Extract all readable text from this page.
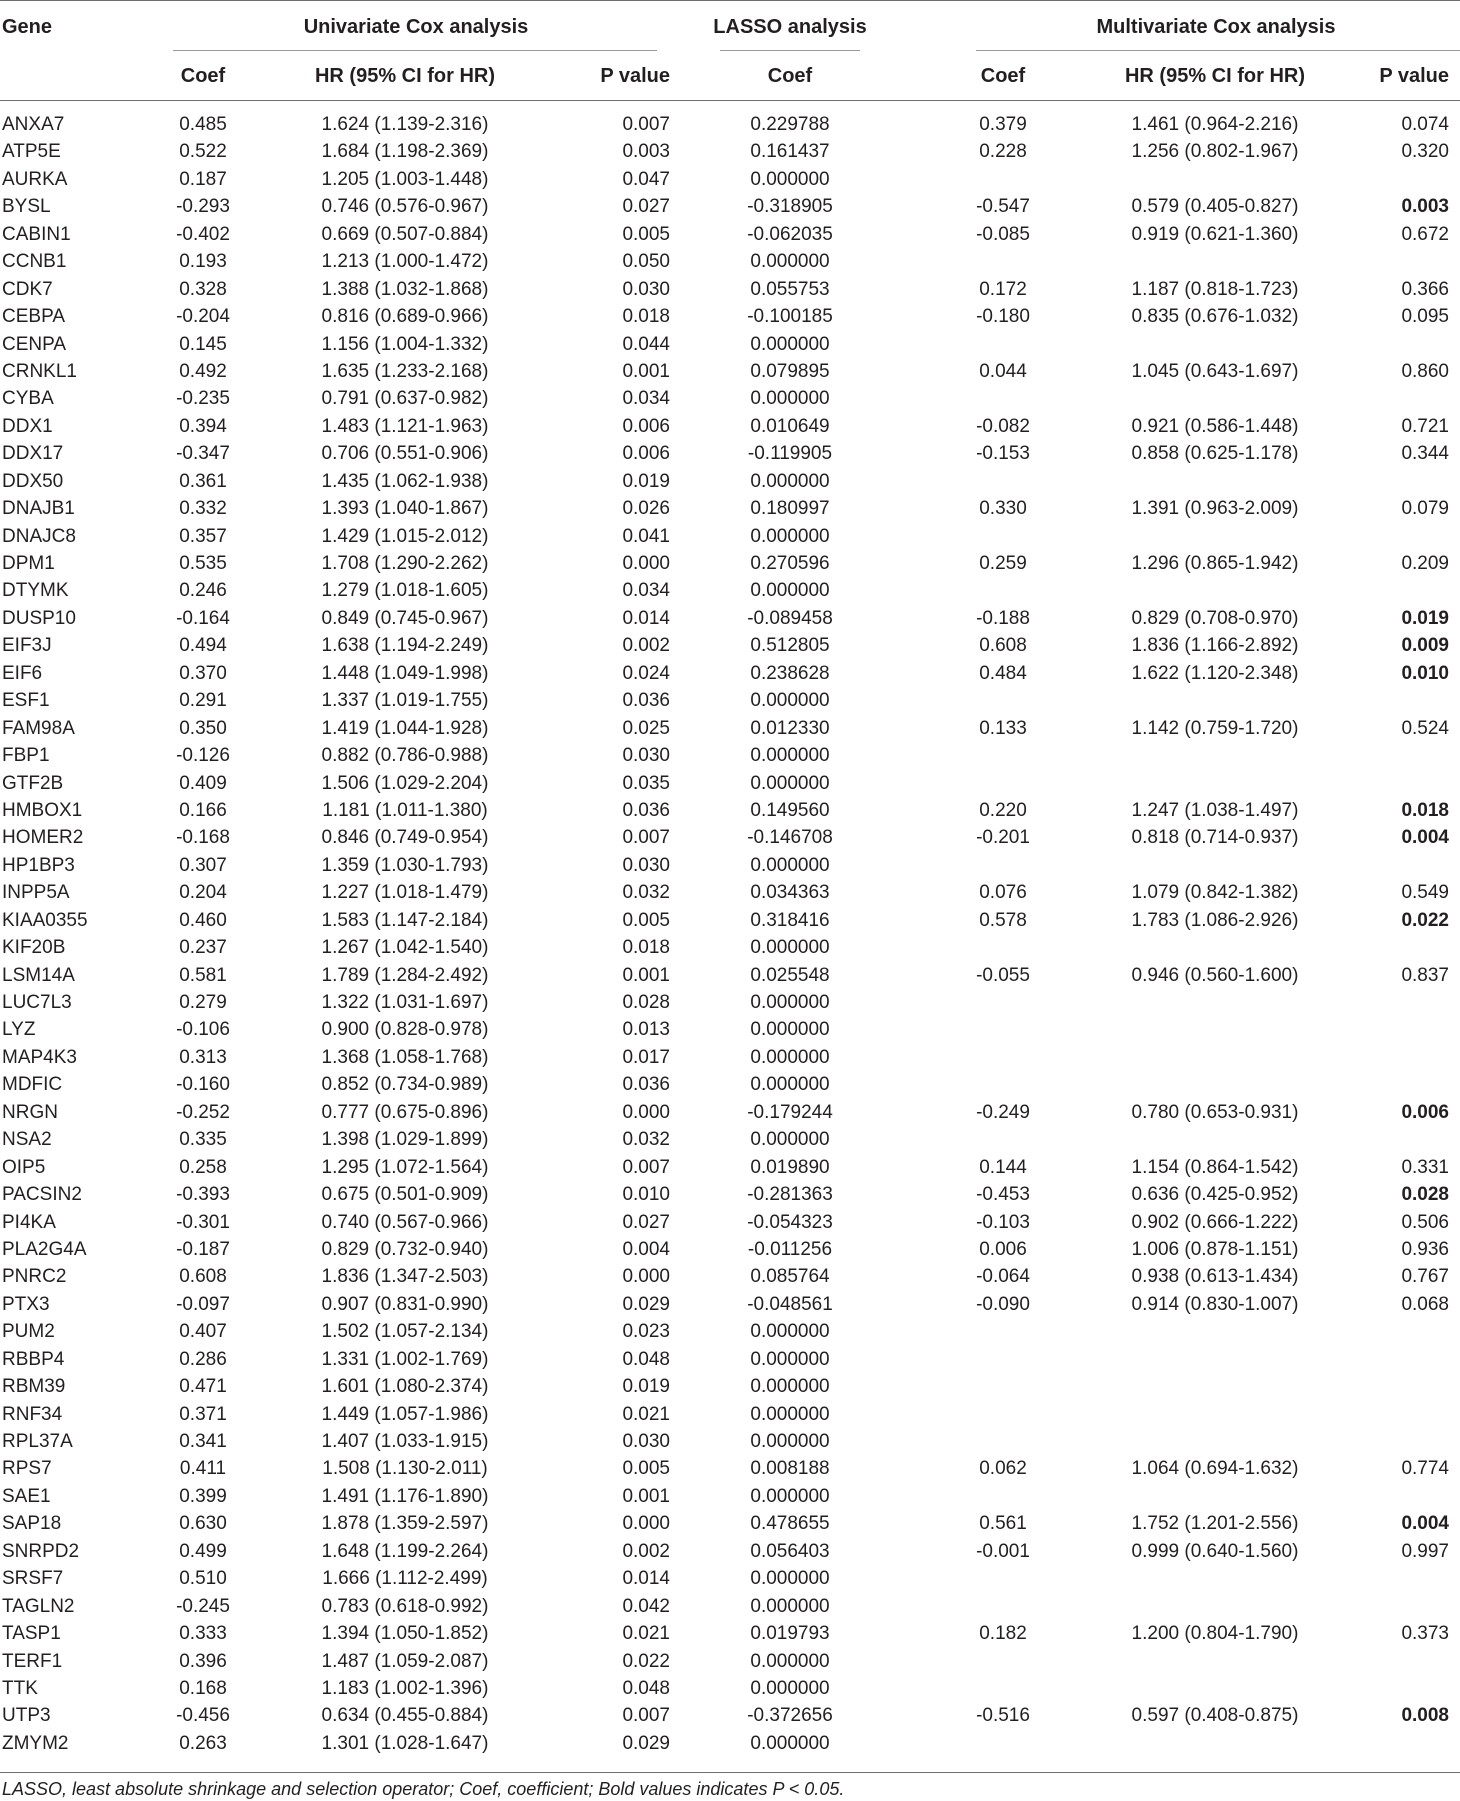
Gene	Univariate Cox analysis	LASSO analysis	Multivariate Cox analysis
Coef	HR (95% CI for HR)	P value	Coef	Coef	HR (95% CI for HR)	P value
ANXA7	0.485	1.624 (1.139-2.316)	0.007	0.229788	0.379	1.461 (0.964-2.216)	0.074
ATP5E	0.522	1.684 (1.198-2.369)	0.003	0.161437	0.228	1.256 (0.802-1.967)	0.320
AURKA	0.187	1.205 (1.003-1.448)	0.047	0.000000
BYSL	-0.293	0.746 (0.576-0.967)	0.027	-0.318905	-0.547	0.579 (0.405-0.827)	0.003
CABIN1	-0.402	0.669 (0.507-0.884)	0.005	-0.062035	-0.085	0.919 (0.621-1.360)	0.672
CCNB1	0.193	1.213 (1.000-1.472)	0.050	0.000000
CDK7	0.328	1.388 (1.032-1.868)	0.030	0.055753	0.172	1.187 (0.818-1.723)	0.366
CEBPA	-0.204	0.816 (0.689-0.966)	0.018	-0.100185	-0.180	0.835 (0.676-1.032)	0.095
CENPA	0.145	1.156 (1.004-1.332)	0.044	0.000000
CRNKL1	0.492	1.635 (1.233-2.168)	0.001	0.079895	0.044	1.045 (0.643-1.697)	0.860
CYBA	-0.235	0.791 (0.637-0.982)	0.034	0.000000
DDX1	0.394	1.483 (1.121-1.963)	0.006	0.010649	-0.082	0.921 (0.586-1.448)	0.721
DDX17	-0.347	0.706 (0.551-0.906)	0.006	-0.119905	-0.153	0.858 (0.625-1.178)	0.344
DDX50	0.361	1.435 (1.062-1.938)	0.019	0.000000
DNAJB1	0.332	1.393 (1.040-1.867)	0.026	0.180997	0.330	1.391 (0.963-2.009)	0.079
DNAJC8	0.357	1.429 (1.015-2.012)	0.041	0.000000
DPM1	0.535	1.708 (1.290-2.262)	0.000	0.270596	0.259	1.296 (0.865-1.942)	0.209
DTYMK	0.246	1.279 (1.018-1.605)	0.034	0.000000
DUSP10	-0.164	0.849 (0.745-0.967)	0.014	-0.089458	-0.188	0.829 (0.708-0.970)	0.019
EIF3J	0.494	1.638 (1.194-2.249)	0.002	0.512805	0.608	1.836 (1.166-2.892)	0.009
EIF6	0.370	1.448 (1.049-1.998)	0.024	0.238628	0.484	1.622 (1.120-2.348)	0.010
ESF1	0.291	1.337 (1.019-1.755)	0.036	0.000000
FAM98A	0.350	1.419 (1.044-1.928)	0.025	0.012330	0.133	1.142 (0.759-1.720)	0.524
FBP1	-0.126	0.882 (0.786-0.988)	0.030	0.000000
GTF2B	0.409	1.506 (1.029-2.204)	0.035	0.000000
HMBOX1	0.166	1.181 (1.011-1.380)	0.036	0.149560	0.220	1.247 (1.038-1.497)	0.018
HOMER2	-0.168	0.846 (0.749-0.954)	0.007	-0.146708	-0.201	0.818 (0.714-0.937)	0.004
HP1BP3	0.307	1.359 (1.030-1.793)	0.030	0.000000
INPP5A	0.204	1.227 (1.018-1.479)	0.032	0.034363	0.076	1.079 (0.842-1.382)	0.549
KIAA0355	0.460	1.583 (1.147-2.184)	0.005	0.318416	0.578	1.783 (1.086-2.926)	0.022
KIF20B	0.237	1.267 (1.042-1.540)	0.018	0.000000
LSM14A	0.581	1.789 (1.284-2.492)	0.001	0.025548	-0.055	0.946 (0.560-1.600)	0.837
LUC7L3	0.279	1.322 (1.031-1.697)	0.028	0.000000
LYZ	-0.106	0.900 (0.828-0.978)	0.013	0.000000
MAP4K3	0.313	1.368 (1.058-1.768)	0.017	0.000000
MDFIC	-0.160	0.852 (0.734-0.989)	0.036	0.000000
NRGN	-0.252	0.777 (0.675-0.896)	0.000	-0.179244	-0.249	0.780 (0.653-0.931)	0.006
NSA2	0.335	1.398 (1.029-1.899)	0.032	0.000000
OIP5	0.258	1.295 (1.072-1.564)	0.007	0.019890	0.144	1.154 (0.864-1.542)	0.331
PACSIN2	-0.393	0.675 (0.501-0.909)	0.010	-0.281363	-0.453	0.636 (0.425-0.952)	0.028
PI4KA	-0.301	0.740 (0.567-0.966)	0.027	-0.054323	-0.103	0.902 (0.666-1.222)	0.506
PLA2G4A	-0.187	0.829 (0.732-0.940)	0.004	-0.011256	0.006	1.006 (0.878-1.151)	0.936
PNRC2	0.608	1.836 (1.347-2.503)	0.000	0.085764	-0.064	0.938 (0.613-1.434)	0.767
PTX3	-0.097	0.907 (0.831-0.990)	0.029	-0.048561	-0.090	0.914 (0.830-1.007)	0.068
PUM2	0.407	1.502 (1.057-2.134)	0.023	0.000000
RBBP4	0.286	1.331 (1.002-1.769)	0.048	0.000000
RBM39	0.471	1.601 (1.080-2.374)	0.019	0.000000
RNF34	0.371	1.449 (1.057-1.986)	0.021	0.000000
RPL37A	0.341	1.407 (1.033-1.915)	0.030	0.000000
RPS7	0.411	1.508 (1.130-2.011)	0.005	0.008188	0.062	1.064 (0.694-1.632)	0.774
SAE1	0.399	1.491 (1.176-1.890)	0.001	0.000000
SAP18	0.630	1.878 (1.359-2.597)	0.000	0.478655	0.561	1.752 (1.201-2.556)	0.004
SNRPD2	0.499	1.648 (1.199-2.264)	0.002	0.056403	-0.001	0.999 (0.640-1.560)	0.997
SRSF7	0.510	1.666 (1.112-2.499)	0.014	0.000000
TAGLN2	-0.245	0.783 (0.618-0.992)	0.042	0.000000
TASP1	0.333	1.394 (1.050-1.852)	0.021	0.019793	0.182	1.200 (0.804-1.790)	0.373
TERF1	0.396	1.487 (1.059-2.087)	0.022	0.000000
TTK	0.168	1.183 (1.002-1.396)	0.048	0.000000
UTP3	-0.456	0.634 (0.455-0.884)	0.007	-0.372656	-0.516	0.597 (0.408-0.875)	0.008
ZMYM2	0.263	1.301 (1.028-1.647)	0.029	0.000000
LASSO, least absolute shrinkage and selection operator; Coef, coefficient; Bold values indicates P < 0.05.
